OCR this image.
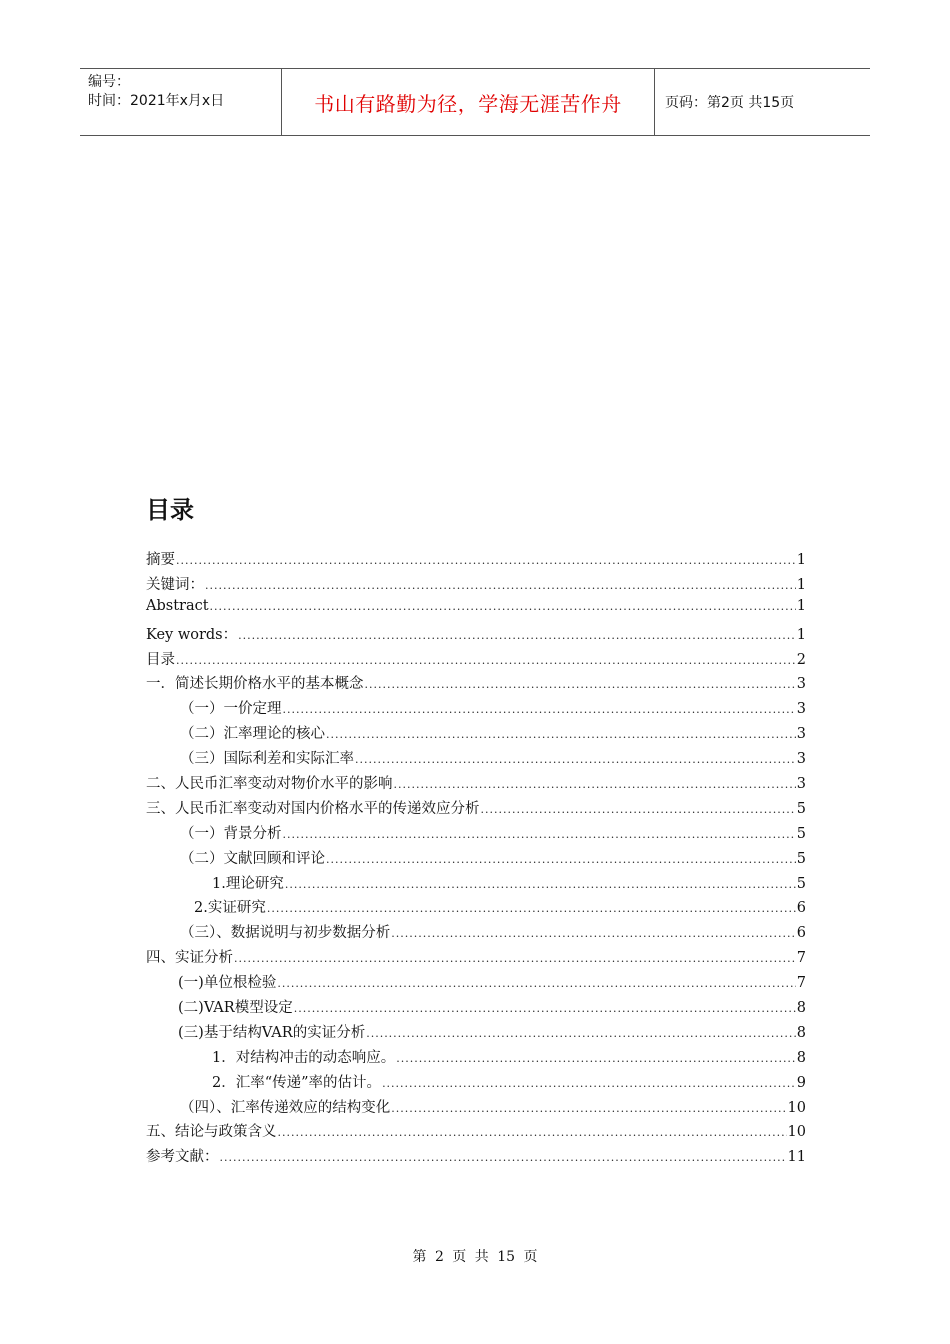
编号：
时间：2021年x月x日	书山有路勤为径，学海无涯苦作舟	页码：第2页 共15页
目录
摘要 .....	1
关键词： .....	1
Abstract .....	1
Key words： .....	1
目录 .....	2
一．简述长期价格水平的基本概念 .....	3
（一）一价定理 .....	3
（二）汇率理论的核心 .....	3
（三）国际利差和实际汇率 .....	3
二、人民币汇率变动对物价水平的影响 .....	3
三、人民币汇率变动对国内价格水平的传递效应分析 .....	5
（一）背景分析 .....	5
（二）文献回顾和评论 .....	5
1.理论研究 .....	5
2.实证研究 .....	6
（三）、数据说明与初步数据分析 .....	6
四、实证分析 .....	7
(一)单位根检验 .....	7
(二)VAR模型设定 .....	8
(三)基于结构VAR的实证分析 .....	8
1．对结构冲击的动态响应。 .....	8
2．汇率“传递”率的估计。 .....	9
（四）、汇率传递效应的结构变化 .....	10
五、结论与政策含义 .....	10
参考文献： .....	11
第 2 页 共 15 页
